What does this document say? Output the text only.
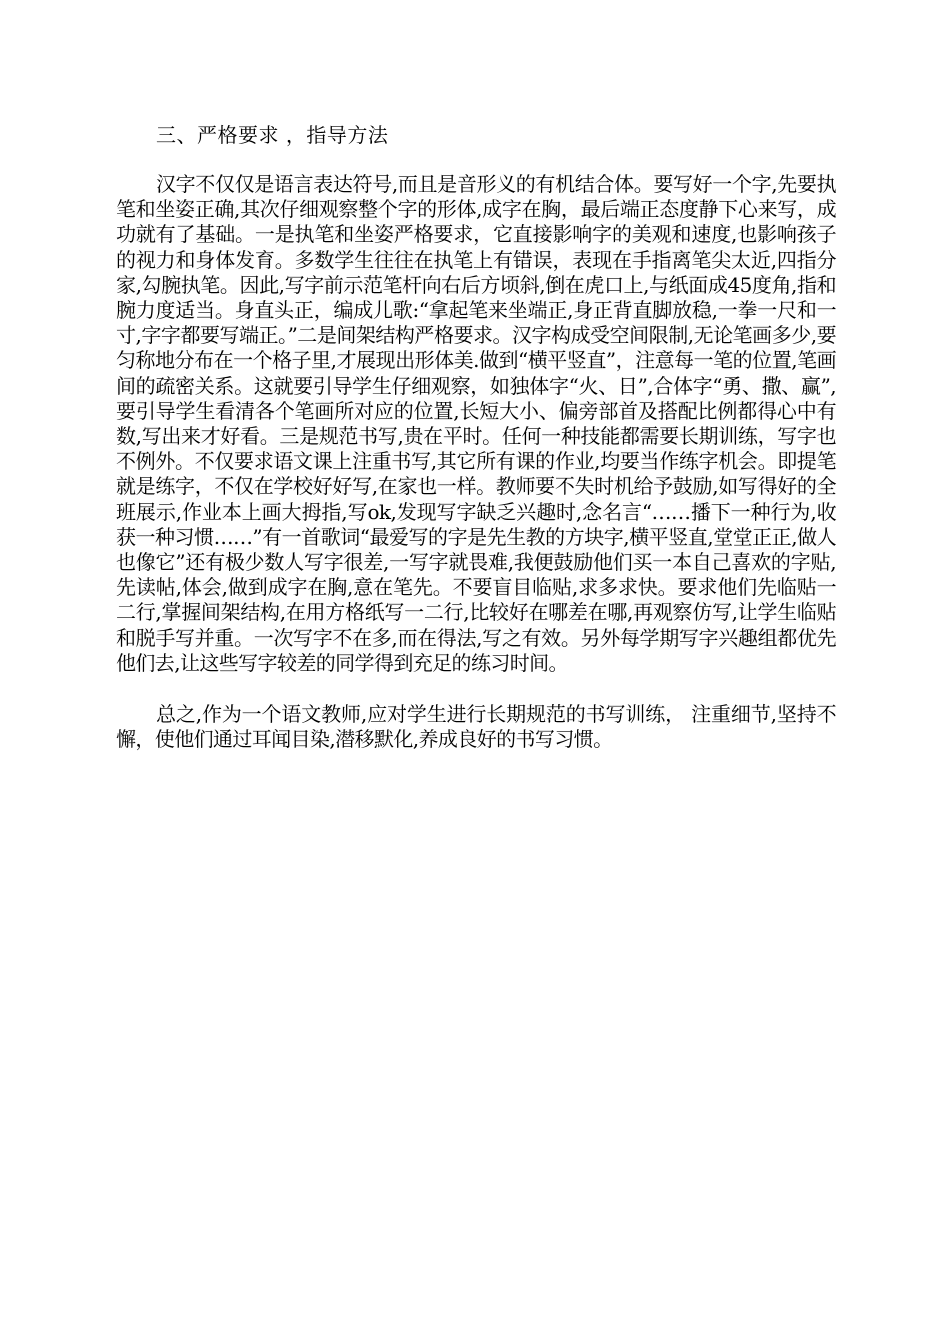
三、严格要求 ，指导方法

汉字不仅仅是语言表达符号,而且是音形义的有机结合体。要写好一个字,先要执笔和坐姿正确,其次仔细观察整个字的形体,成字在胸，最后端正态度静下心来写，成功就有了基础。一是执笔和坐姿严格要求，它直接影响字的美观和速度,也影响孩子的视力和身体发育。多数学生往往在执笔上有错误，表现在手指离笔尖太近,四指分家,勾腕执笔。因此,写字前示范笔杆向右后方顷斜,倒在虎口上,与纸面成45度角,指和腕力度适当。身直头正，编成儿歌:“拿起笔来坐端正,身正背直脚放稳,一拳一尺和一寸,字字都要写端正。”二是间架结构严格要求。汉字构成受空间限制,无论笔画多少,要匀称地分布在一个格子里,才展现出形体美.做到“横平竖直”，注意每一笔的位置,笔画间的疏密关系。这就要引导学生仔细观察，如独体字“火、日”,合体字“勇、撒、赢”,要引导学生看清各个笔画所对应的位置,长短大小、偏旁部首及搭配比例都得心中有数,写出来才好看。三是规范书写,贵在平时。任何一种技能都需要长期训练，写字也不例外。不仅要求语文课上注重书写,其它所有课的作业,均要当作练字机会。即提笔就是练字，不仅在学校好好写,在家也一样。教师要不失时机给予鼓励,如写得好的全班展示,作业本上画大拇指,写ok,发现写字缺乏兴趣时,念名言“……播下一种行为,收获一种习惯……”有一首歌词“最爱写的字是先生教的方块字,横平竖直,堂堂正正,做人也像它”还有极少数人写字很差,一写字就畏难,我便鼓励他们买一本自己喜欢的字贴,先读帖,体会,做到成字在胸,意在笔先。不要盲目临贴,求多求快。要求他们先临贴一二行,掌握间架结构,在用方格纸写一二行,比较好在哪差在哪,再观察仿写,让学生临贴和脱手写并重。一次写字不在多,而在得法,写之有效。另外每学期写字兴趣组都优先他们去,让这些写字较差的同学得到充足的练习时间。

总之,作为一个语文教师,应对学生进行长期规范的书写训练， 注重细节,坚持不懈，使他们通过耳闻目染,潜移默化,养成良好的书写习惯。
